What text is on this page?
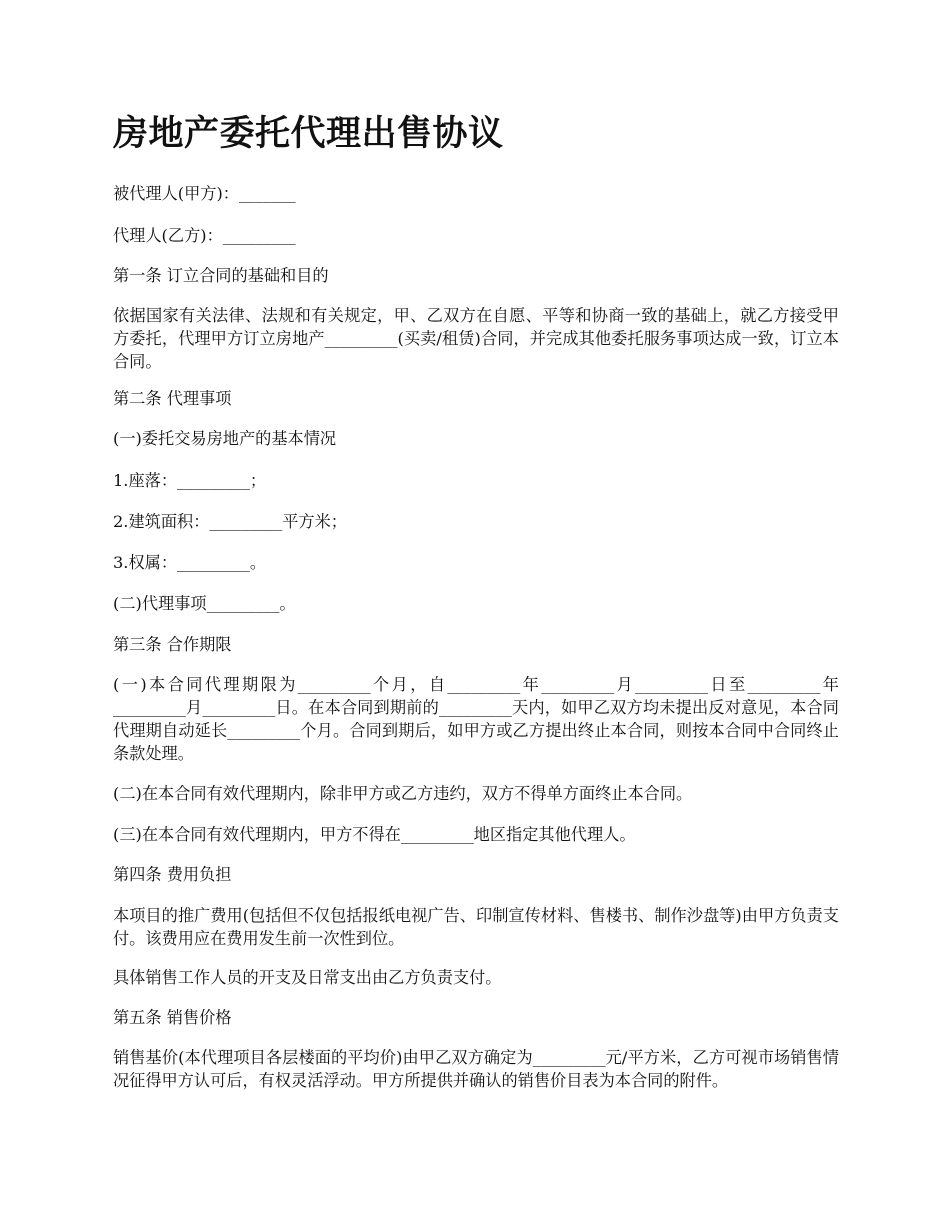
房地产委托代理出售协议

被代理人(甲方)：_______

代理人(乙方)：_________

第一条 订立合同的基础和目的

依据国家有关法律、法规和有关规定，甲、乙双方在自愿、平等和协商一致的基础上，就乙方接受甲方委托，代理甲方订立房地产_________(买卖/租赁)合同，并完成其他委托服务事项达成一致，订立本合同。

第二条 代理事项

(一)委托交易房地产的基本情况

1.座落：_________；

2.建筑面积：_________平方米；

3.权属：_________。

(二)代理事项_________。

第三条 合作期限

(一)本合同代理期限为_________个月，自_________年_________月_________日至_________年_________月_________日。在本合同到期前的_________天内，如甲乙双方均未提出反对意见，本合同代理期自动延长_________个月。合同到期后，如甲方或乙方提出终止本合同，则按本合同中合同终止条款处理。

(二)在本合同有效代理期内，除非甲方或乙方违约，双方不得单方面终止本合同。

(三)在本合同有效代理期内，甲方不得在_________地区指定其他代理人。

第四条 费用负担

本项目的推广费用(包括但不仅包括报纸电视广告、印制宣传材料、售楼书、制作沙盘等)由甲方负责支付。该费用应在费用发生前一次性到位。

具体销售工作人员的开支及日常支出由乙方负责支付。

第五条 销售价格

销售基价(本代理项目各层楼面的平均价)由甲乙双方确定为_________元/平方米，乙方可视市场销售情况征得甲方认可后，有权灵活浮动。甲方所提供并确认的销售价目表为本合同的附件。
